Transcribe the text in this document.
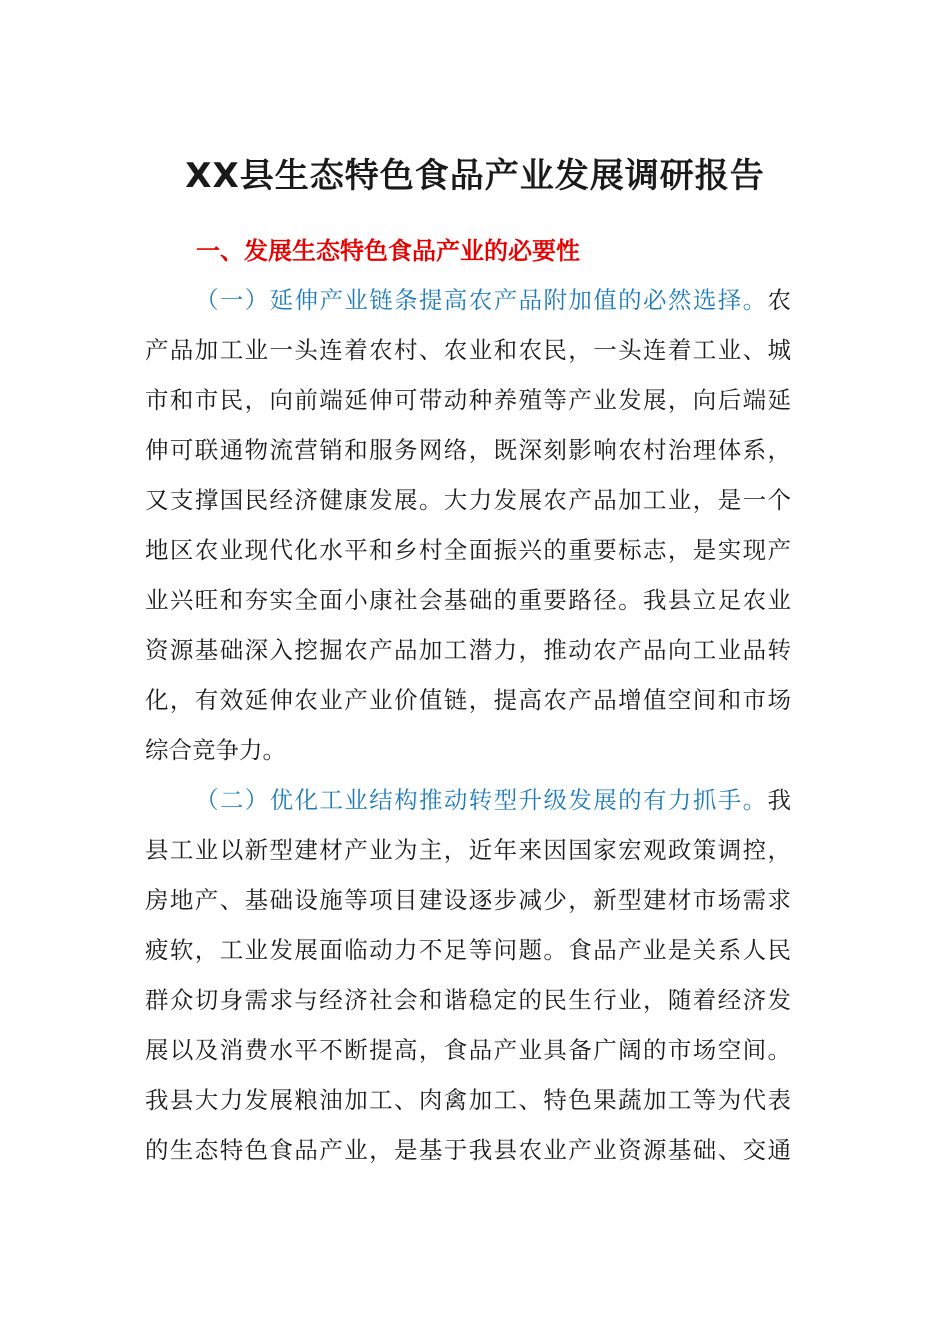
XX县生态特色食品产业发展调研报告
一、发展生态特色食品产业的必要性
（一）延伸产业链条提高农产品附加值的必然选择。农
产品加工业一头连着农村、农业和农民，一头连着工业、城
市和市民，向前端延伸可带动种养殖等产业发展，向后端延
伸可联通物流营销和服务网络，既深刻影响农村治理体系，
又支撑国民经济健康发展。大力发展农产品加工业，是一个
地区农业现代化水平和乡村全面振兴的重要标志，是实现产
业兴旺和夯实全面小康社会基础的重要路径。我县立足农业
资源基础深入挖掘农产品加工潜力，推动农产品向工业品转
化，有效延伸农业产业价值链，提高农产品增值空间和市场
综合竞争力。
（二）优化工业结构推动转型升级发展的有力抓手。我
县工业以新型建材产业为主，近年来因国家宏观政策调控，
房地产、基础设施等项目建设逐步减少，新型建材市场需求
疲软，工业发展面临动力不足等问题。食品产业是关系人民
群众切身需求与经济社会和谐稳定的民生行业，随着经济发
展以及消费水平不断提高，食品产业具备广阔的市场空间。
我县大力发展粮油加工、肉禽加工、特色果蔬加工等为代表
的生态特色食品产业，是基于我县农业产业资源基础、交通
